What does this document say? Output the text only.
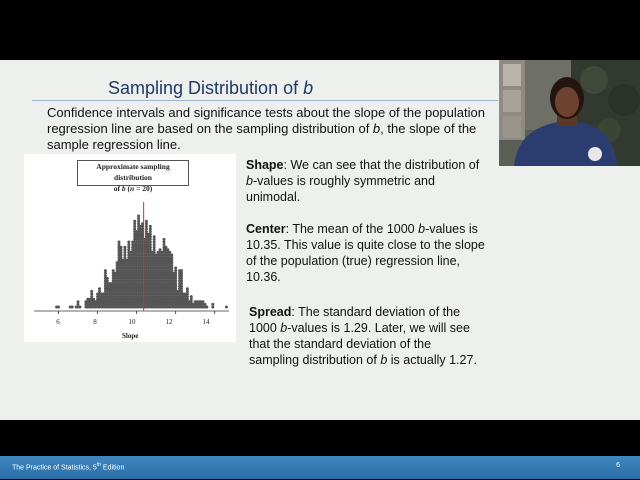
Sampling Distribution of b
Confidence intervals and significance tests about the slope of the population regression line are based on the sampling distribution of b, the slope of the sample regression line.
Approximate sampling distribution
of b (n = 20)
6	8	10	12	14
Slope
Shape: We can see that the distribution of b-values is roughly symmetric and unimodal.
Center: The mean of the 1000 b-values is 10.35. This value is quite close to the slope of the population (true) regression line, 10.36.
Spread: The standard deviation of the 1000 b-values is 1.29. Later, we will see that the standard deviation of the sampling distribution of b is actually 1.27.
The Practice of Statistics, 5th Edition	6
